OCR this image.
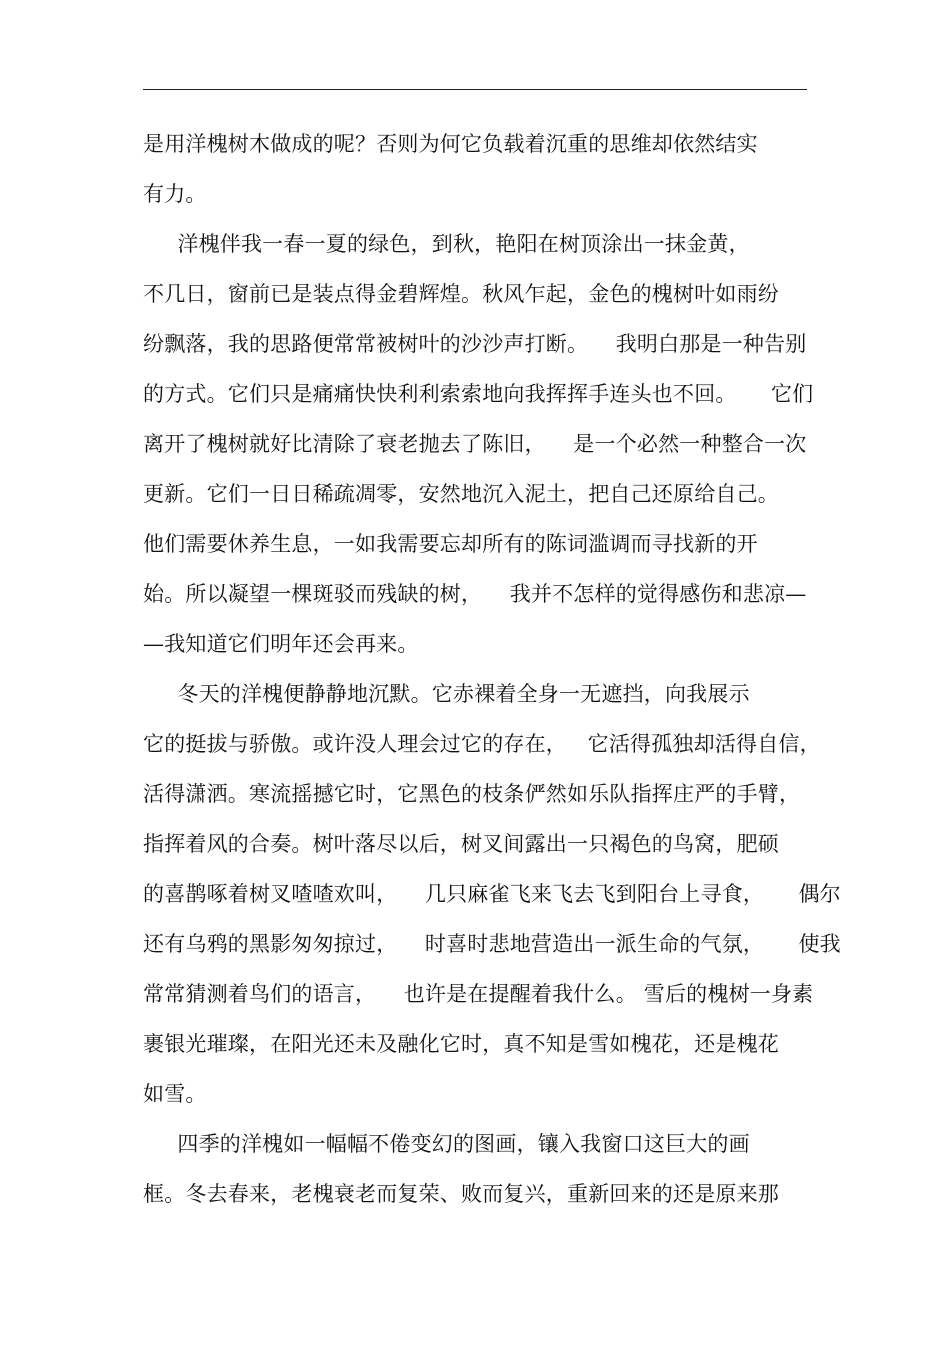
是用洋槐树木做成的呢？否则为何它负载着沉重的思维却依然结实
有力。
洋槐伴我一春一夏的绿色，到秋，艳阳在树顶涂出一抹金黄，
不几日，窗前已是装点得金碧辉煌。秋风乍起，金色的槐树叶如雨纷
纷飘落，我的思路便常常被树叶的沙沙声打断。    我明白那是一种告别
的方式。它们只是痛痛快快利利索索地向我挥挥手连头也不回。     它们
离开了槐树就好比清除了衰老抛去了陈旧，    是一个必然一种整合一次
更新。它们一日日稀疏凋零，安然地沉入泥土，把自己还原给自己。
他们需要休养生息，一如我需要忘却所有的陈词滥调而寻找新的开
始。所以凝望一棵斑驳而残缺的树，    我并不怎样的觉得感伤和悲凉—
—我知道它们明年还会再来。
冬天的洋槐便静静地沉默。它赤裸着全身一无遮挡，向我展示
它的挺拔与骄傲。或许没人理会过它的存在，   它活得孤独却活得自信，
活得潇洒。寒流摇撼它时，它黑色的枝条俨然如乐队指挥庄严的手臂，
指挥着风的合奏。树叶落尽以后，树叉间露出一只褐色的鸟窝，肥硕
的喜鹊啄着树叉喳喳欢叫，    几只麻雀飞来飞去飞到阳台上寻食，     偶尔
还有乌鸦的黑影匆匆掠过，    时喜时悲地营造出一派生命的气氛，     使我
常常猜测着鸟们的语言，    也许是在提醒着我什么。 雪后的槐树一身素
裹银光璀璨，在阳光还未及融化它时，真不知是雪如槐花，还是槐花
如雪。
四季的洋槐如一幅幅不倦变幻的图画，镶入我窗口这巨大的画
框。冬去春来，老槐衰老而复荣、败而复兴，重新回来的还是原来那
